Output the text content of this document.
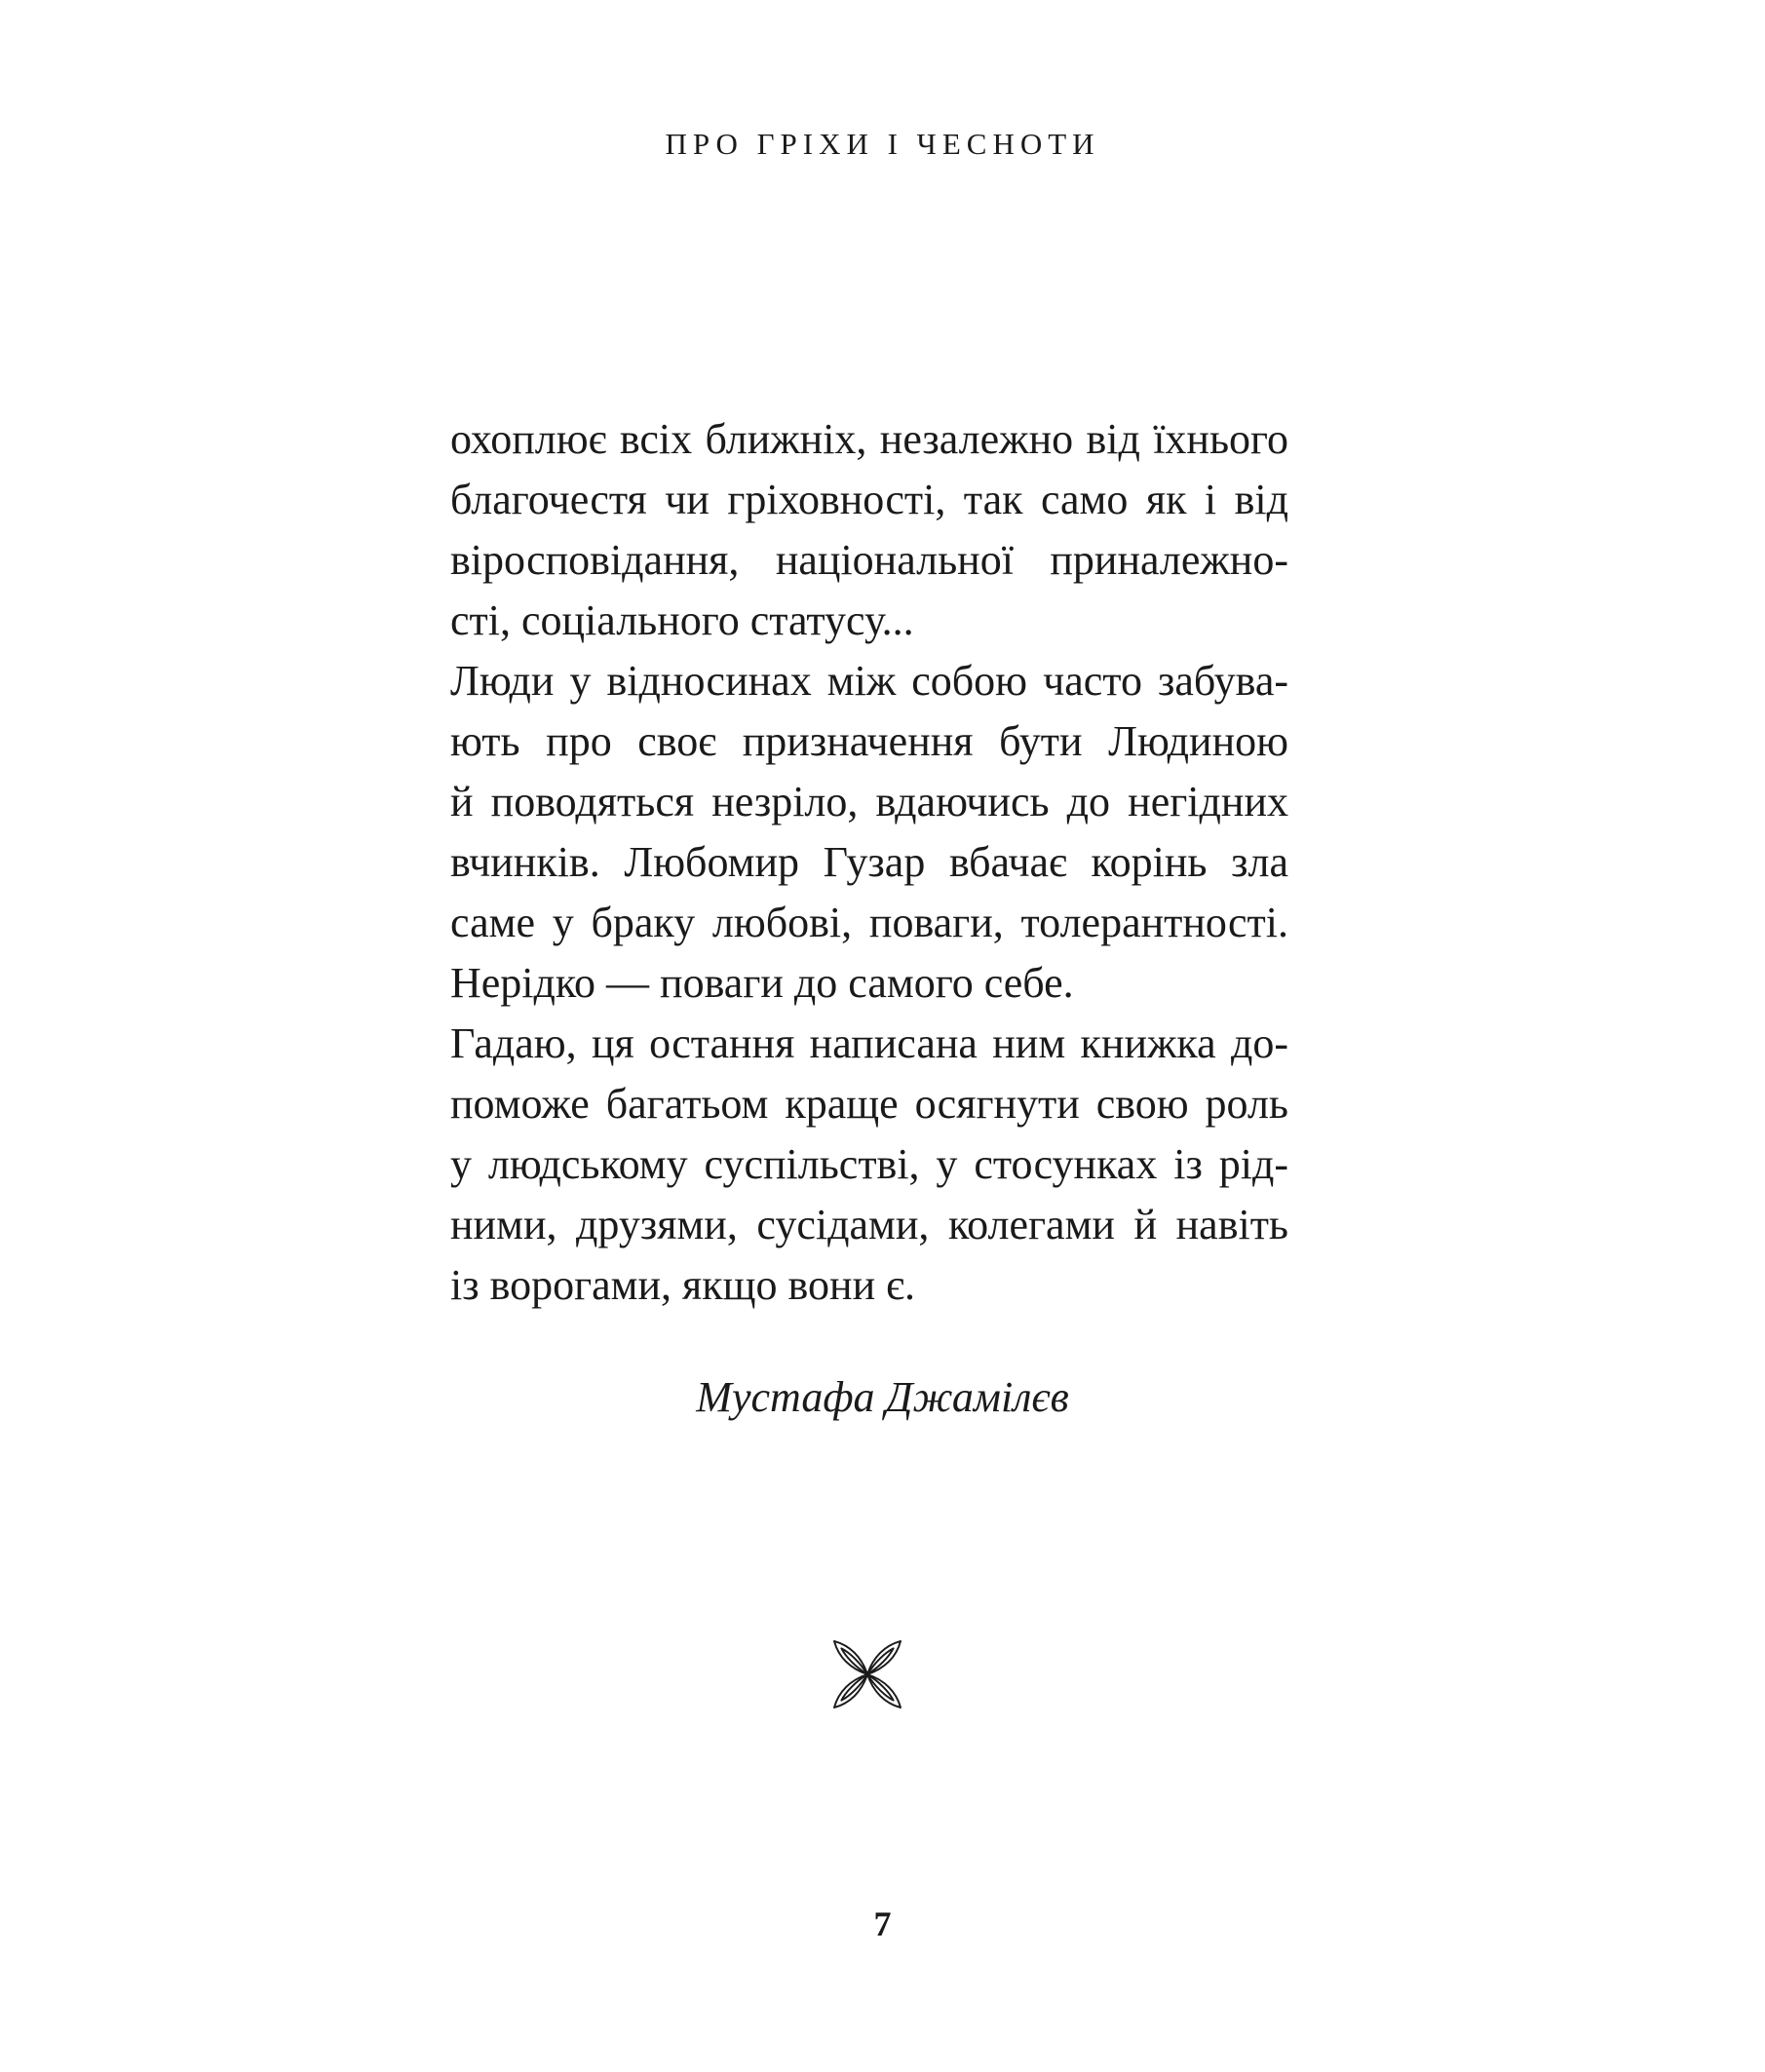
ПРО ГРІХИ І ЧЕСНОТИ
охоплює всіх ближніх, незалежно від їхнього
благочестя чи гріховності, так само як і від
віросповідання, національної приналежно-
сті, соціального статусу...
Люди у відносинах між собою часто забува-
ють про своє призначення бути Людиною
й поводяться незріло, вдаючись до негідних
вчинків. Любомир Гузар вбачає корінь зла
саме у браку любові, поваги, толерантності.
Нерідко — поваги до самого себе.
Гадаю, ця остання написана ним книжка до-
поможе багатьом краще осягнути свою роль
у людському суспільстві, у стосунках із рід-
ними, друзями, сусідами, колегами й навіть
із ворогами, якщо вони є.
Мустафа Джамілєв
7
